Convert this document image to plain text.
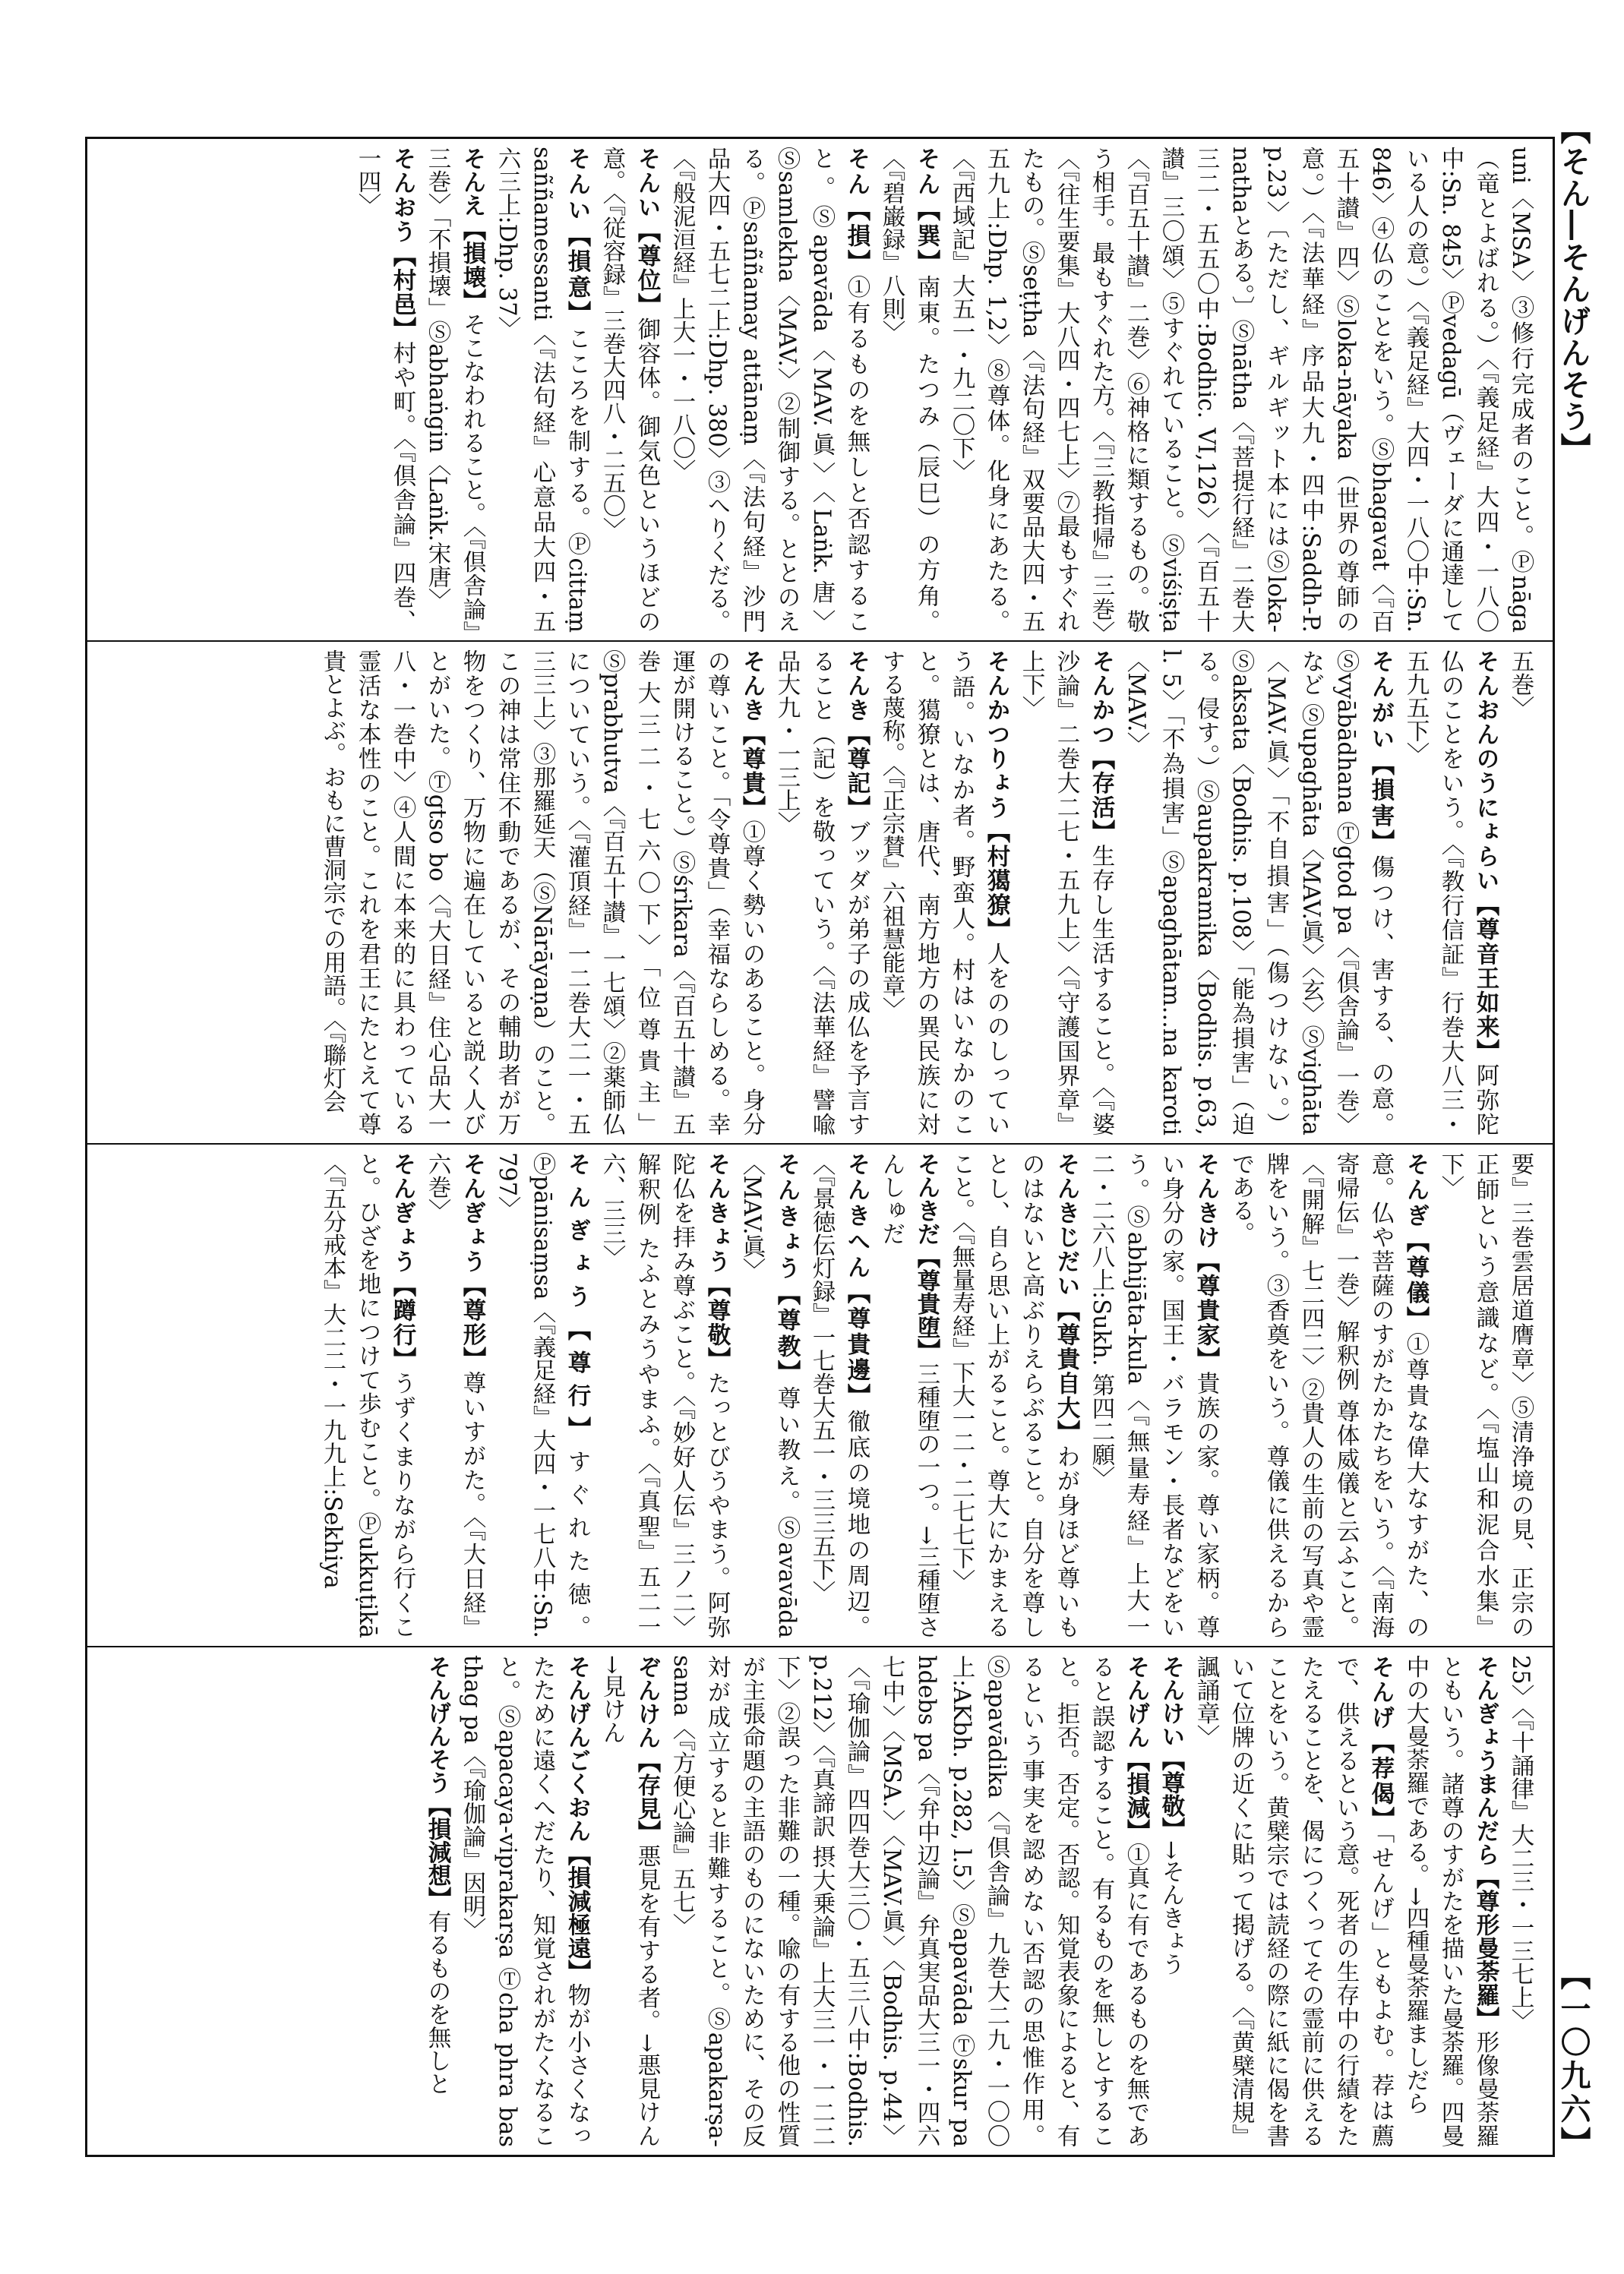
【そん―そんげんそう】
【一〇九六】
uni〈MSA〉③修行完成者のこと。Ⓟnāga（竜とよばれる。）〈『義足経』大四・一八〇中:Sn. 845〉Ⓟvedagū（ヴェーダに通達している人の意。）〈『義足経』大四・一八〇中:Sn. 846〉④仏のことをいう。Ⓢbhagavat〈『百五十讃』四〉Ⓢloka-nāyaka（世界の尊師の意。）〈『法華経』序品大九・四中:Saddh-P. p.23〉〔ただし、ギルギット本にはⓈloka-nathaとある。〕Ⓢnātha〈『菩提行経』二巻大三二・五五〇中:Bodhic. VI,126〉〈『百五十讃』三〇頌〉⑤すぐれていること。Ⓢviśiṣṭa〈『百五十讃』二巻〉⑥神格に類するもの。敬う相手。最もすぐれた方。〈『三教指帰』三巻〉〈『往生要集』大八四・四七上〉⑦最もすぐれたもの。Ⓢseṭṭha〈『法句経』双要品大四・五五九上:Dhp. 1,2〉⑧尊体。化身にあたる。〈『西域記』大五一・九二〇下〉
そん【巽】南東。たつみ（辰巳）の方角。〈『碧巌録』八則〉
そん【損】①有るものを無しと否認すること。Ⓢapavāda〈MAV.眞〉〈Laṅk.唐〉Ⓢsamlekha〈MAV.〉②制御する。ととのえる。Ⓟsaññamay attānaṃ〈『法句経』沙門品大四・五七二上:Dhp. 380〉③へりくだる。〈『般泥洹経』上大一・一八〇〉
そんい【尊位】御容体。御気色というほどの意。〈『従容録』三巻大四八・二五〇〉
そんい【損意】こころを制する。Ⓟcittaṃ saññamessanti〈『法句経』心意品大四・五六三上:Dhp. 37〉
そんえ【損壊】そこなわれること。〈『倶舎論』三巻〉「不損壊」Ⓢabhaṅgin〈Laṅk.宋唐〉
そんおう【村邑】村や町。〈『倶舎論』四巻、一四〉
五巻〉
そんおんのうにょらい【尊音王如来】阿弥陀仏のことをいう。〈『教行信証』行巻大八三・五九五下〉
そんがい【損害】傷つけ、害する、の意。Ⓢvyābādhana Ⓣgtod pa〈『倶舎論』一巻〉など Ⓢupaghāta〈MAV.眞〉〈玄〉Ⓢvighāta〈MAV.眞〉「不自損害」（傷つけない。）Ⓢaksata〈Bodhis. p.108〉「能為損害」（迫る。侵す。）Ⓢaupakramika〈Bodhis. p.63, l. 5〉「不為損害」Ⓢapaghātam...na karoti〈MAV.〉
そんかつ【存活】生存し生活すること。〈『婆沙論』二巻大二七・五九上〉〈『守護国界章』上下〉
そんかつりょう【村獦獠】人をののしっていう語。いなか者。野蛮人。村はいなかのこと。獦獠とは、唐代、南方地方の異民族に対する蔑称。〈『正宗賛』六祖慧能章〉
そんき【尊記】ブッダが弟子の成仏を予言すること（記）を敬っていう。〈『法華経』譬喩品大九・一三上〉
そんき【尊貴】①尊く勢いのあること。身分の尊いこと。「令尊貴」（幸福ならしめる。幸運が開けること。）Ⓢśrikara〈『百五十讃』五巻大三二・七六〇下〉「位尊貴主」Ⓢprabhutva〈『百五十讃』一七頌〉②薬師仏についていう。〈『灌頂経』一二巻大二一・五三三上〉③那羅延天（ⓈNārāyaṇa）のこと。この神は常住不動であるが、その輔助者が万物をつくり、万物に遍在していると説く人びとがいた。Ⓣgtso bo〈『大日経』住心品大一八・一巻中〉④人間に本来的に具わっている霊活な本性のこと。これを君王にたとえて尊貴とよぶ。おもに曹洞宗での用語。〈『聯灯会
要』三巻雲居道膺章〉⑤清浄境の見、正宗の正師という意識など。〈『塩山和泥合水集』下〉
そんぎ【尊儀】①尊貴な偉大なすがた、の意。仏や菩薩のすがたかたちをいう。〈『南海寄帰伝』一巻〉解釈例 尊体威儀と云ふこと。〈『開解』七二四二〉②貴人の生前の写真や霊牌をいう。③香奠をいう。尊儀に供えるからである。
そんきけ【尊貴家】貴族の家。尊い家柄。尊い身分の家。国王・バラモン・長者などをいう。Ⓢabhijāta-kula〈『無量寿経』上大一二・二六八上:Sukh. 第四二願〉
そんきじだい【尊貴自大】わが身ほど尊いものはないと高ぶりえらぶること。自分を尊しとし、自ら思い上がること。尊大にかまえること。〈『無量寿経』下大一二・二七七下〉
そんきだ【尊貴堕】三種堕の一つ。→三種堕さんしゅだ
そんきへん【尊貴邊】徹底の境地の周辺。〈『景徳伝灯録』一七巻大五一・三三五下〉
そんきょう【尊教】尊い教え。Ⓢavavāda〈MAV.眞〉
そんきょう【尊敬】たっとびうやまう。阿弥陀仏を拝み尊ぶこと。〈『妙好人伝』三ノ二〉解釈例 たふとみうやまふ。〈『真聖』五二一六、三三〉
そんぎょう【尊行】すぐれた徳。Ⓟpānisaṃsa〈『義足経』大四・一七八中:Sn. 797〉
そんぎょう【尊形】尊いすがた。〈『大日経』六巻〉
そんぎょう【蹲行】うずくまりながら行くこと。ひざを地につけて歩むこと。Ⓟukkuṭikā〈『五分戒本』大二二・一九九上:Sekhiya
25〉〈『十誦律』大二三・一三七上〉
そんぎょうまんだら【尊形曼荼羅】形像曼荼羅ともいう。諸尊のすがたを描いた曼荼羅。四曼中の大曼荼羅である。→四種曼荼羅ましだら
そんげ【荐偈】「せんげ」ともよむ。荐は薦で、供えるという意。死者の生存中の行績をたたえることを、偈につくってその霊前に供えることをいう。黄檗宗では読経の際に紙に偈を書いて位牌の近くに貼って掲げる。〈『黄檗清規』諷誦章〉
そんけい【尊敬】→そんきょう
そんげん【損減】①真に有であるものを無であると誤認すること。有るものを無しとすること。拒否。否定。否認。知覚表象によると、有るという事実を認めない否認の思惟作用。Ⓢapavādika〈『倶舎論』九巻大二九・一〇〇上:AKbh. p.282, l.5〉Ⓢapavāda Ⓣskur pa hdebs pa〈『弁中辺論』弁真実品大三一・四六七中〉〈MSA.〉〈MAV.眞〉〈Bodhis. p.44〉〈『瑜伽論』四四巻大三〇・五三八中:Bodhis. p.212〉〈『真諦訳 摂大乗論』上大三一・一二二下〉②誤った非難の一種。喩の有する他の性質が主張命題の主語のものにないために、その反対が成立すると非難すること。Ⓢapakarṣa-sama〈『方便心論』五七〉
ぞんけん【存見】悪見を有する者。→悪見けん→見けん
そんげんごくおん【損減極遠】物が小さくなったために遠くへだたり、知覚されがたくなること。Ⓢapacaya-viprakarṣa Ⓣcha phra bas thag pa〈『瑜伽論』因明〉
そんげんそう【損減想】有るものを無しと
